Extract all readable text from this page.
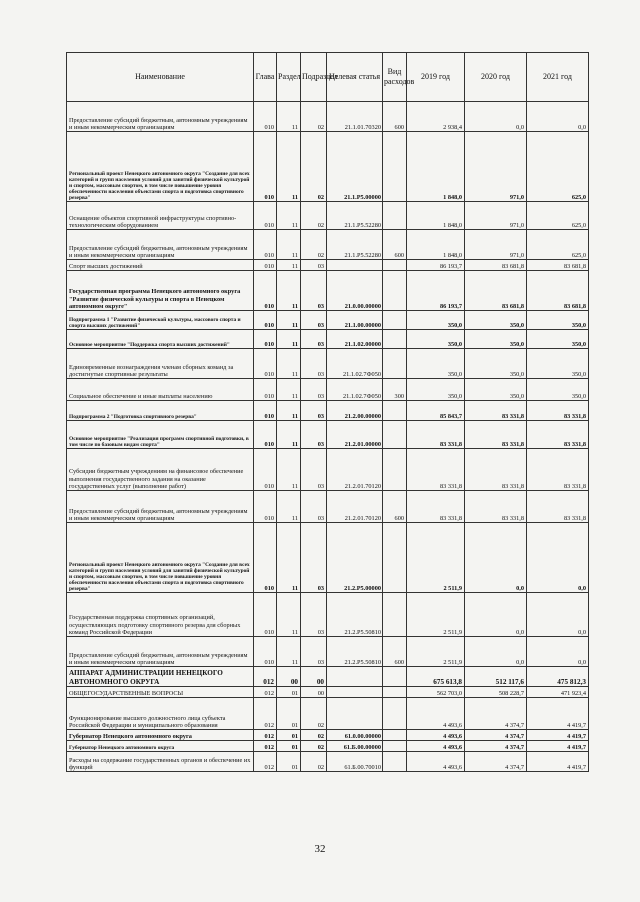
Наименование	Глава	Раздел	Подраздел	Целевая статья	Вид расходов	2019 год	2020 год	2021 год
Предоставление субсидий бюджетным, автономным учреждениям и иным некоммерческим организациям	010	11	02	21.1.01.70320	600	2 938,4	0,0	0,0
Региональный проект Ненецкого автономного округа "Создание для всех категорий и групп населения условий для занятий физической культурой и спортом, массовым спортом, в том числе повышение уровня обеспеченности населения объектами спорта и подготовка спортивного резерва"	010	11	02	21.1.Р5.00000		1 848,0	971,0	625,0
Оснащение объектов спортивной инфраструктуры спортивно-технологическим оборудованием	010	11	02	21.1.Р5.52280		1 848,0	971,0	625,0
Предоставление субсидий бюджетным, автономным учреждениям и иным некоммерческим организациям	010	11	02	21.1.Р5.52280	600	1 848,0	971,0	625,0
Спорт высших достижений	010	11	03			86 193,7	83 681,8	83 681,8
Государственная программа Ненецкого автономного округа "Развитие физической культуры и спорта в Ненецком автономном округе"	010	11	03	21.0.00.00000		86 193,7	83 681,8	83 681,8
Подпрограмма 1 "Развитие физической культуры, массового спорта и спорта высших достижений"	010	11	03	21.1.00.00000		350,0	350,0	350,0
Основное мероприятие "Поддержка спорта высших достижений"	010	11	03	21.1.02.00000		350,0	350,0	350,0
Единовременные вознаграждения членам сборных команд за достигнутые спортивные результаты	010	11	03	21.1.02.7Ф050		350,0	350,0	350,0
Социальное обеспечение и иные выплаты населению	010	11	03	21.1.02.7Ф050	300	350,0	350,0	350,0
Подпрограмма 2 "Подготовка спортивного резерва"	010	11	03	21.2.00.00000		85 843,7	83 331,8	83 331,8
Основное мероприятие "Реализация программ спортивной подготовки, в том числе по базовым видам спорта"	010	11	03	21.2.01.00000		83 331,8	83 331,8	83 331,8
Субсидии бюджетным учреждениям на финансовое обеспечение выполнения государственного задания на оказание государственных услуг (выполнение работ)	010	11	03	21.2.01.70120		83 331,8	83 331,8	83 331,8
Предоставление субсидий бюджетным, автономным учреждениям и иным некоммерческим организациям	010	11	03	21.2.01.70120	600	83 331,8	83 331,8	83 331,8
Региональный проект Ненецкого автономного округа "Создание для всех категорий и групп населения условий для занятий физической культурой и спортом, массовым спортом, в том числе повышение уровня обеспеченности населения объектами спорта и подготовка спортивного резерва"	010	11	03	21.2.Р5.00000		2 511,9	0,0	0,0
Государственная поддержка спортивных организаций, осуществляющих подготовку спортивного резерва для сборных команд Российской Федерации	010	11	03	21.2.Р5.50810		2 511,9	0,0	0,0
Предоставление субсидий бюджетным, автономным учреждениям и иным некоммерческим организациям	010	11	03	21.2.Р5.50810	600	2 511,9	0,0	0,0
АППАРАТ АДМИНИСТРАЦИИ НЕНЕЦКОГО АВТОНОМНОГО ОКРУГА	012	00	00			675 613,8	512 117,6	475 812,3
ОБЩЕГОСУДАРСТВЕННЫЕ ВОПРОСЫ	012	01	00			562 703,0	508 228,7	471 923,4
Функционирование высшего должностного лица субъекта Российской Федерации и муниципального образования	012	01	02			4 493,6	4 374,7	4 419,7
Губернатор Ненецкого автономного округа	012	01	02	61.0.00.00000		4 493,6	4 374,7	4 419,7
Губернатор Ненецкого автономного округа	012	01	02	61.Б.00.00000		4 493,6	4 374,7	4 419,7
Расходы на содержание государственных органов и обеспечение их функций	012	01	02	61.Б.00.70010		4 493,6	4 374,7	4 419,7
32
